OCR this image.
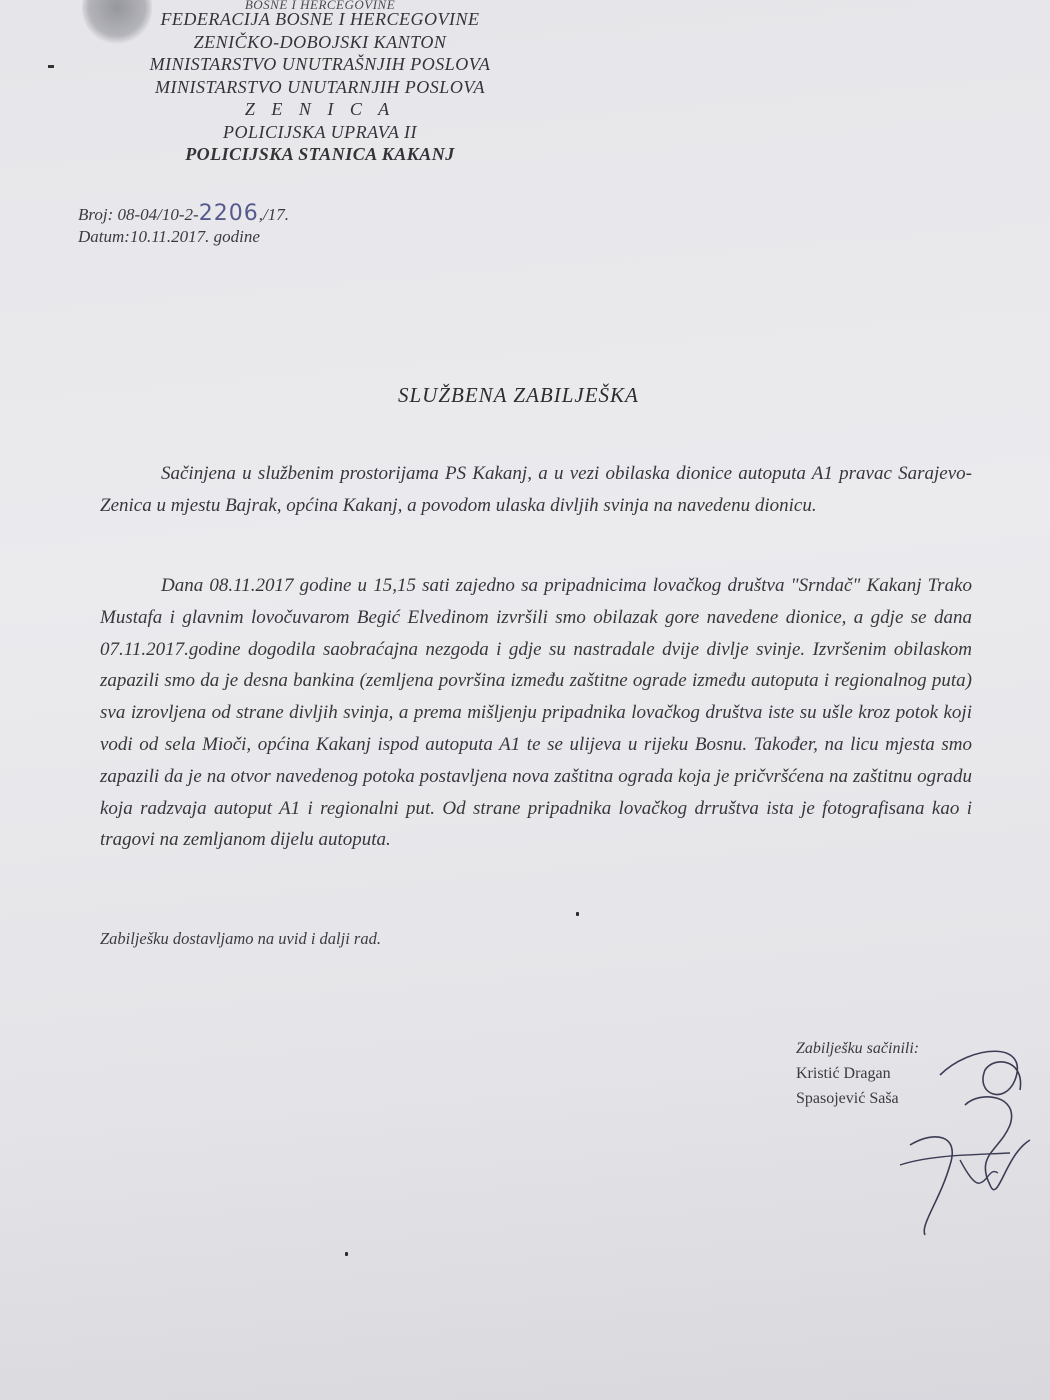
BOSNE I HERCEGOVINE
FEDERACIJA BOSNE I HERCEGOVINE
ZENIČKO-DOBOJSKI KANTON
MINISTARSTVO UNUTRAŠNJIH POSLOVA
MINISTARSTVO UNUTARNJIH POSLOVA
Z E N I C A
POLICIJSKA UPRAVA II
POLICIJSKA STANICA KAKANJ
Broj: 08-04/10-2-2206,/17.
Datum:10.11.2017. godine
SLUŽBENA ZABILJEŠKA
Sačinjena u službenim prostorijama PS Kakanj, a u vezi obilaska dionice autoputa A1 pravac Sarajevo-Zenica u mjestu Bajrak, općina Kakanj, a povodom ulaska divljih svinja na navedenu dionicu.
Dana 08.11.2017 godine u 15,15 sati zajedno sa pripadnicima lovačkog društva "Srndač" Kakanj Trako Mustafa i glavnim lovočuvarom Begić Elvedinom izvršili smo obilazak gore navedene dionice, a gdje se dana 07.11.2017.godine dogodila saobraćajna nezgoda i gdje su nastradale dvije divlje svinje. Izvršenim obilaskom zapazili smo da je desna bankina (zemljena površina između zaštitne ograde između autoputa i regionalnog puta) sva izrovljena od strane divljih svinja, a prema mišljenju pripadnika lovačkog društva iste su ušle kroz potok koji vodi od sela Mioči, općina Kakanj ispod autoputa A1 te se ulijeva u rijeku Bosnu. Također, na licu mjesta smo zapazili da je na otvor navedenog potoka postavljena nova zaštitna ograda koja je pričvršćena na zaštitnu ogradu koja radzvaja autoput A1 i regionalni put. Od strane pripadnika lovačkog drruštva ista je fotografisana kao i tragovi na zemljanom dijelu autoputa.
Zabilješku dostavljamo na uvid i dalji rad.
Zabilješku sačinili:
Kristić Dragan
Spasojević Saša
